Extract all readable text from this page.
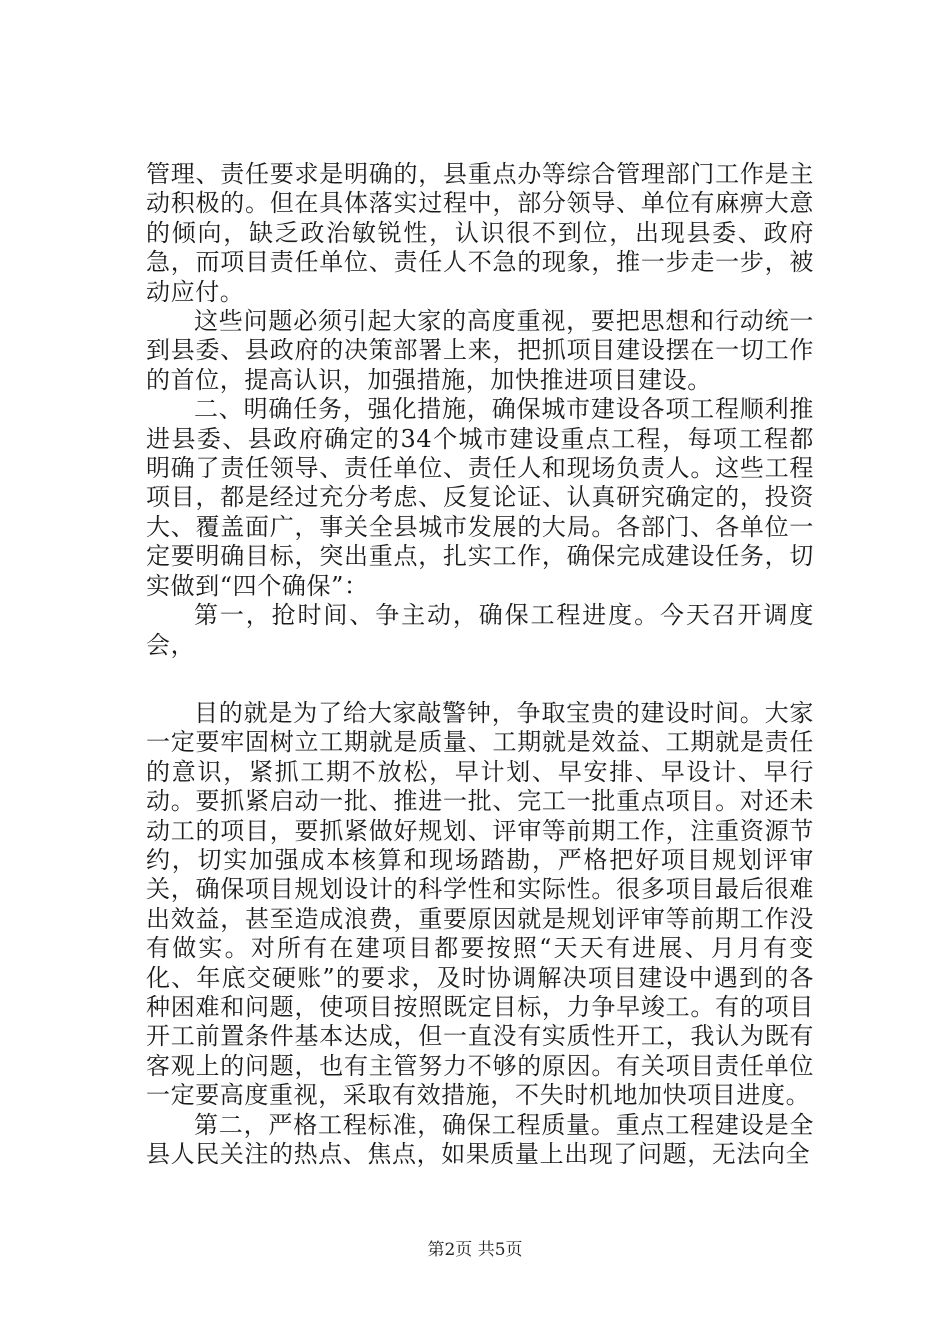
管理、责任要求是明确的，县重点办等综合管理部门工作是主动积极的。但在具体落实过程中，部分领导、单位有麻痹大意的倾向，缺乏政治敏锐性，认识很不到位，出现县委、政府急，而项目责任单位、责任人不急的现象，推一步走一步，被动应付。

这些问题必须引起大家的高度重视，要把思想和行动统一到县委、县政府的决策部署上来，把抓项目建设摆在一切工作的首位，提高认识，加强措施，加快推进项目建设。

二、明确任务，强化措施，确保城市建设各项工程顺利推进县委、县政府确定的34个城市建设重点工程，每项工程都明确了责任领导、责任单位、责任人和现场负责人。这些工程项目，都是经过充分考虑、反复论证、认真研究确定的，投资大、覆盖面广，事关全县城市发展的大局。各部门、各单位一定要明确目标，突出重点，扎实工作，确保完成建设任务，切实做到“四个确保”：

第一，抢时间、争主动，确保工程进度。今天召开调度会，

目的就是为了给大家敲警钟，争取宝贵的建设时间。大家一定要牢固树立工期就是质量、工期就是效益、工期就是责任的意识，紧抓工期不放松，早计划、早安排、早设计、早行动。要抓紧启动一批、推进一批、完工一批重点项目。对还未动工的项目，要抓紧做好规划、评审等前期工作，注重资源节约，切实加强成本核算和现场踏勘，严格把好项目规划评审关，确保项目规划设计的科学性和实际性。很多项目最后很难出效益，甚至造成浪费，重要原因就是规划评审等前期工作没有做实。对所有在建项目都要按照“天天有进展、月月有变化、年底交硬账”的要求，及时协调解决项目建设中遇到的各种困难和问题，使项目按照既定目标，力争早竣工。有的项目开工前置条件基本达成，但一直没有实质性开工，我认为既有客观上的问题，也有主管努力不够的原因。有关项目责任单位一定要高度重视，采取有效措施，不失时机地加快项目进度。

第二，严格工程标准，确保工程质量。重点工程建设是全县人民关注的热点、焦点，如果质量上出现了问题，无法向全

第2页 共5页
